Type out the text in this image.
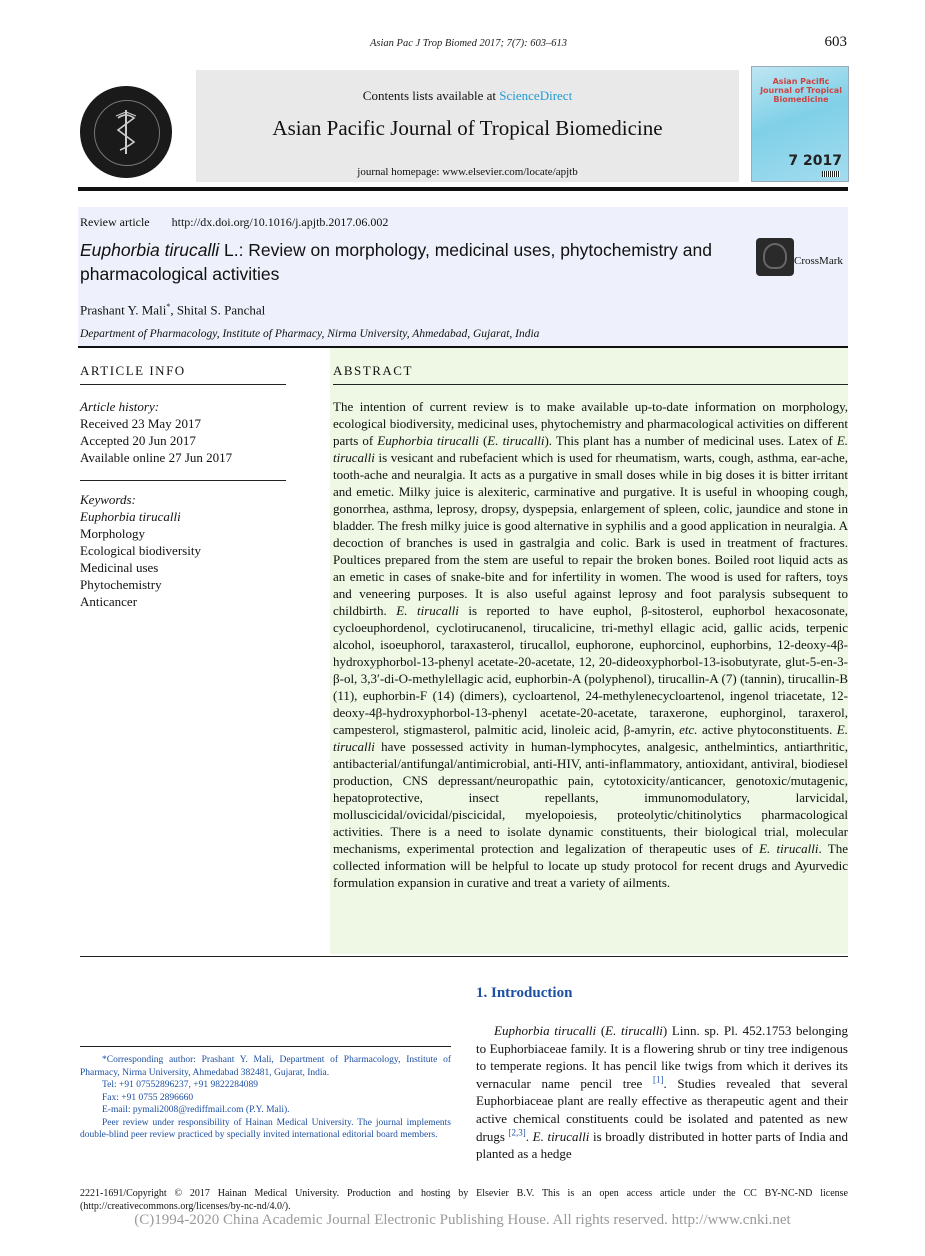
Asian Pac J Trop Biomed 2017; 7(7): 603–613	603
Contents lists available at ScienceDirect
Asian Pacific Journal of Tropical Biomedicine
journal homepage: www.elsevier.com/locate/apjtb
Asian Pacific Journal of Tropical Biomedicine
7 2017
Review article http://dx.doi.org/10.1016/j.apjtb.2017.06.002
Euphorbia tirucalli L.: Review on morphology, medicinal uses, phytochemistry and pharmacological activities
CrossMark
Prashant Y. Mali*, Shital S. Panchal
Department of Pharmacology, Institute of Pharmacy, Nirma University, Ahmedabad, Gujarat, India
ARTICLE INFO	ABSTRACT
Article history:
Received 23 May 2017
Accepted 20 Jun 2017
Available online 27 Jun 2017
Keywords:
Euphorbia tirucalli
Morphology
Ecological biodiversity
Medicinal uses
Phytochemistry
Anticancer
The intention of current review is to make available up-to-date information on morphology, ecological biodiversity, medicinal uses, phytochemistry and pharmacological activities on different parts of Euphorbia tirucalli (E. tirucalli). This plant has a number of medicinal uses. Latex of E. tirucalli is vesicant and rubefacient which is used for rheumatism, warts, cough, asthma, ear-ache, tooth-ache and neuralgia. It acts as a purgative in small doses while in big doses it is bitter irritant and emetic. Milky juice is alexiteric, carminative and purgative. It is useful in whooping cough, gonorrhea, asthma, leprosy, dropsy, dyspepsia, enlargement of spleen, colic, jaundice and stone in bladder. The fresh milky juice is good alternative in syphilis and a good application in neuralgia. A decoction of branches is used in gastralgia and colic. Bark is used in treatment of fractures. Poultices prepared from the stem are useful to repair the broken bones. Boiled root liquid acts as an emetic in cases of snake-bite and for infertility in women. The wood is used for rafters, toys and veneering purposes. It is also useful against leprosy and foot paralysis subsequent to childbirth. E. tirucalli is reported to have euphol, β-sitosterol, euphorbol hexacosonate, cycloeuphordenol, cyclotirucanenol, tirucalicine, tri-methyl ellagic acid, gallic acids, terpenic alcohol, isoeuphorol, taraxasterol, tirucallol, euphorone, euphorcinol, euphorbins, 12-deoxy-4β-hydroxyphorbol-13-phenyl acetate-20-acetate, 12, 20-dideoxyphorbol-13-isobutyrate, glut-5-en-3-β-ol, 3,3′-di-O-methylellagic acid, euphorbin-A (polyphenol), tirucallin-A (7) (tannin), tirucallin-B (11), euphorbin-F (14) (dimers), cycloartenol, 24-methylenecycloartenol, ingenol triacetate, 12-deoxy-4β-hydroxyphorbol-13-phenyl acetate-20-acetate, taraxerone, euphorginol, taraxerol, campesterol, stigmasterol, palmitic acid, linoleic acid, β-amyrin, etc. active phytoconstituents. E. tirucalli have possessed activity in human-lymphocytes, analgesic, anthelmintics, antiarthritic, antibacterial/antifungal/antimicrobial, anti-HIV, anti-inflammatory, antioxidant, antiviral, biodiesel production, CNS depressant/neuropathic pain, cytotoxicity/anticancer, genotoxic/mutagenic, hepatoprotective, insect repellants, immunomodulatory, larvicidal, molluscicidal/ovicidal/piscicidal, myelopoiesis, proteolytic/chitinolytics pharmacological activities. There is a need to isolate dynamic constituents, their biological trial, molecular mechanisms, experimental protection and legalization of therapeutic uses of E. tirucalli. The collected information will be helpful to locate up study protocol for recent drugs and Ayurvedic formulation expansion in curative and treat a variety of ailments.
1. Introduction
Euphorbia tirucalli (E. tirucalli) Linn. sp. Pl. 452.1753 belonging to Euphorbiaceae family. It is a flowering shrub or tiny tree indigenous to temperate regions. It has pencil like twigs from which it derives its vernacular name pencil tree [1]. Studies revealed that several Euphorbiaceae plant are really effective as therapeutic agent and their active chemical constituents could be isolated and patented as new drugs [2,3]. E. tirucalli is broadly distributed in hotter parts of India and planted as a hedge

*Corresponding author: Prashant Y. Mali, Department of Pharmacology, Institute of Pharmacy, Nirma University, Ahmedabad 382481, Gujarat, India.

Tel: +91 07552896237, +91 9822284089

Fax: +91 0755 2896660

E-mail: pymali2008@rediffmail.com (P.Y. Mali).

Peer review under responsibility of Hainan Medical University. The journal implements double-blind peer review practiced by specially invited international editorial board members.

2221-1691/Copyright © 2017 Hainan Medical University. Production and hosting by Elsevier B.V. This is an open access article under the CC BY-NC-ND license (http://creativecommons.org/licenses/by-nc-nd/4.0/).
(C)1994-2020 China Academic Journal Electronic Publishing House. All rights reserved. http://www.cnki.net
